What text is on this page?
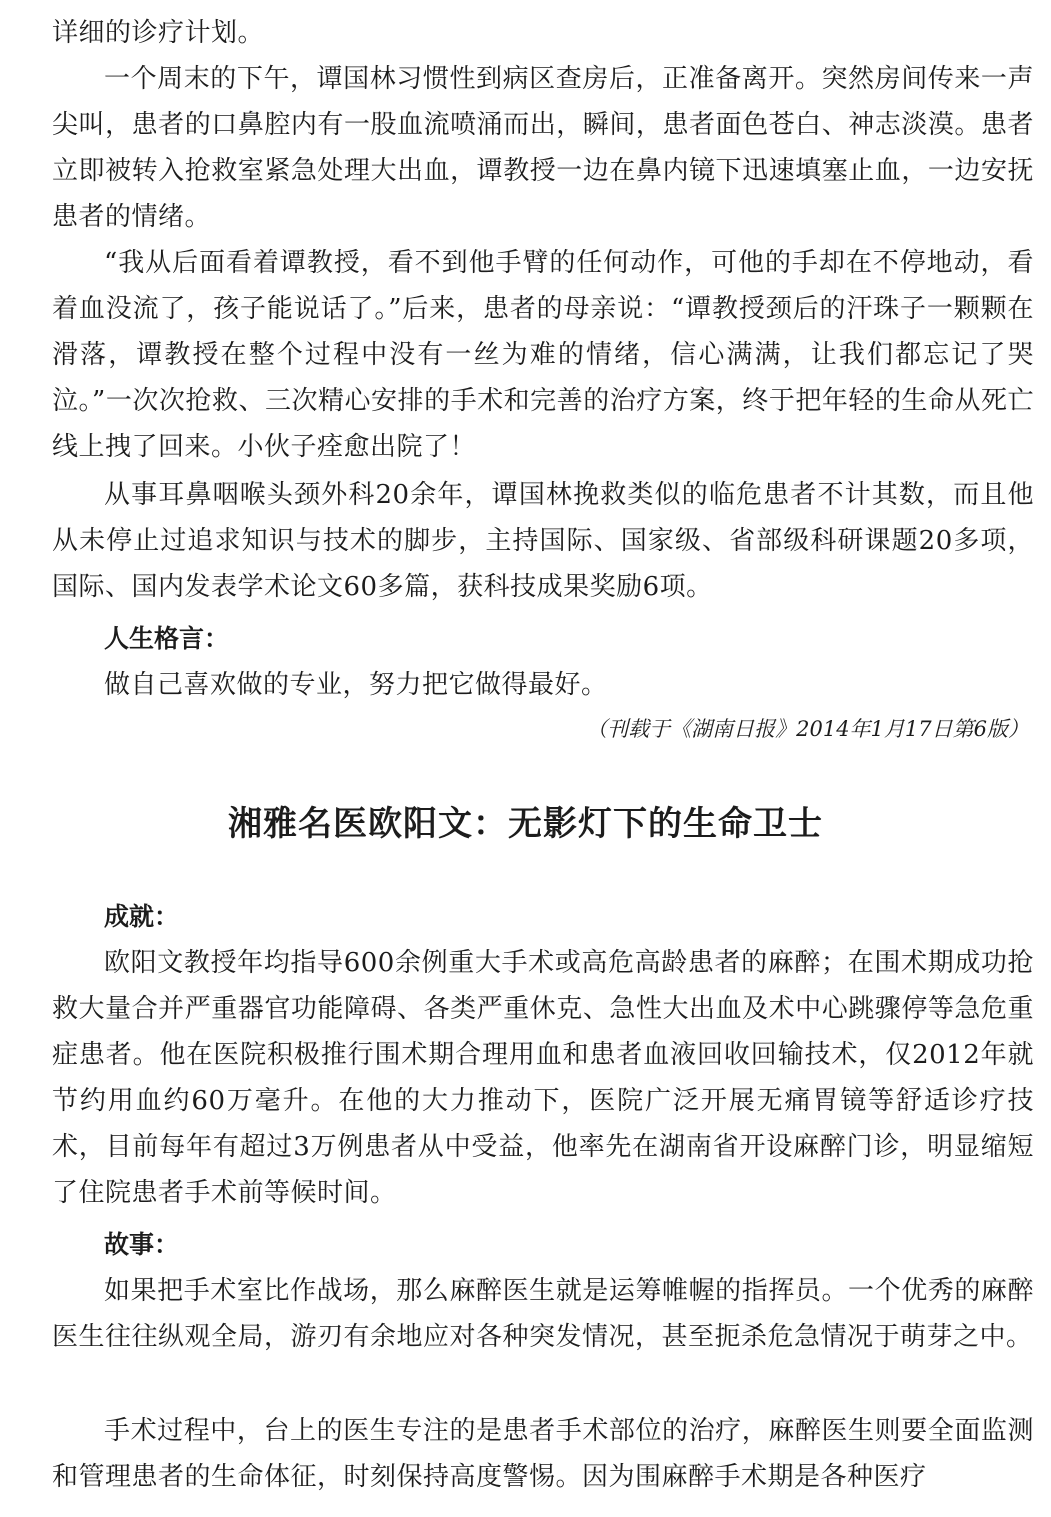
详细的诊疗计划。

一个周末的下午，谭国林习惯性到病区查房后，正准备离开。突然房间传来一声尖叫，患者的口鼻腔内有一股血流喷涌而出，瞬间，患者面色苍白、神志淡漠。患者立即被转入抢救室紧急处理大出血，谭教授一边在鼻内镜下迅速填塞止血，一边安抚患者的情绪。

“我从后面看着谭教授，看不到他手臂的任何动作，可他的手却在不停地动，看着血没流了，孩子能说话了。”后来，患者的母亲说：“谭教授颈后的汗珠子一颗颗在滑落，谭教授在整个过程中没有一丝为难的情绪，信心满满，让我们都忘记了哭泣。”一次次抢救、三次精心安排的手术和完善的治疗方案，终于把年轻的生命从死亡线上拽了回来。小伙子痊愈出院了！

从事耳鼻咽喉头颈外科20余年，谭国林挽救类似的临危患者不计其数，而且他从未停止过追求知识与技术的脚步，主持国际、国家级、省部级科研课题20多项，国际、国内发表学术论文60多篇，获科技成果奖励6项。

人生格言：

做自己喜欢做的专业，努力把它做得最好。

（刊载于《湖南日报》2014年1月17日第6版）

湘雅名医欧阳文：无影灯下的生命卫士

成就：

欧阳文教授年均指导600余例重大手术或高危高龄患者的麻醉；在围术期成功抢救大量合并严重器官功能障碍、各类严重休克、急性大出血及术中心跳骤停等急危重症患者。他在医院积极推行围术期合理用血和患者血液回收回输技术，仅2012年就节约用血约60万毫升。在他的大力推动下，医院广泛开展无痛胃镜等舒适诊疗技术，目前每年有超过3万例患者从中受益，他率先在湖南省开设麻醉门诊，明显缩短了住院患者手术前等候时间。

故事：

如果把手术室比作战场，那么麻醉医生就是运筹帷幄的指挥员。一个优秀的麻醉医生往往纵观全局，游刃有余地应对各种突发情况，甚至扼杀危急情况于萌芽之中。

手术过程中，台上的医生专注的是患者手术部位的治疗，麻醉医生则要全面监测和管理患者的生命体征，时刻保持高度警惕。因为围麻醉手术期是各种医疗
